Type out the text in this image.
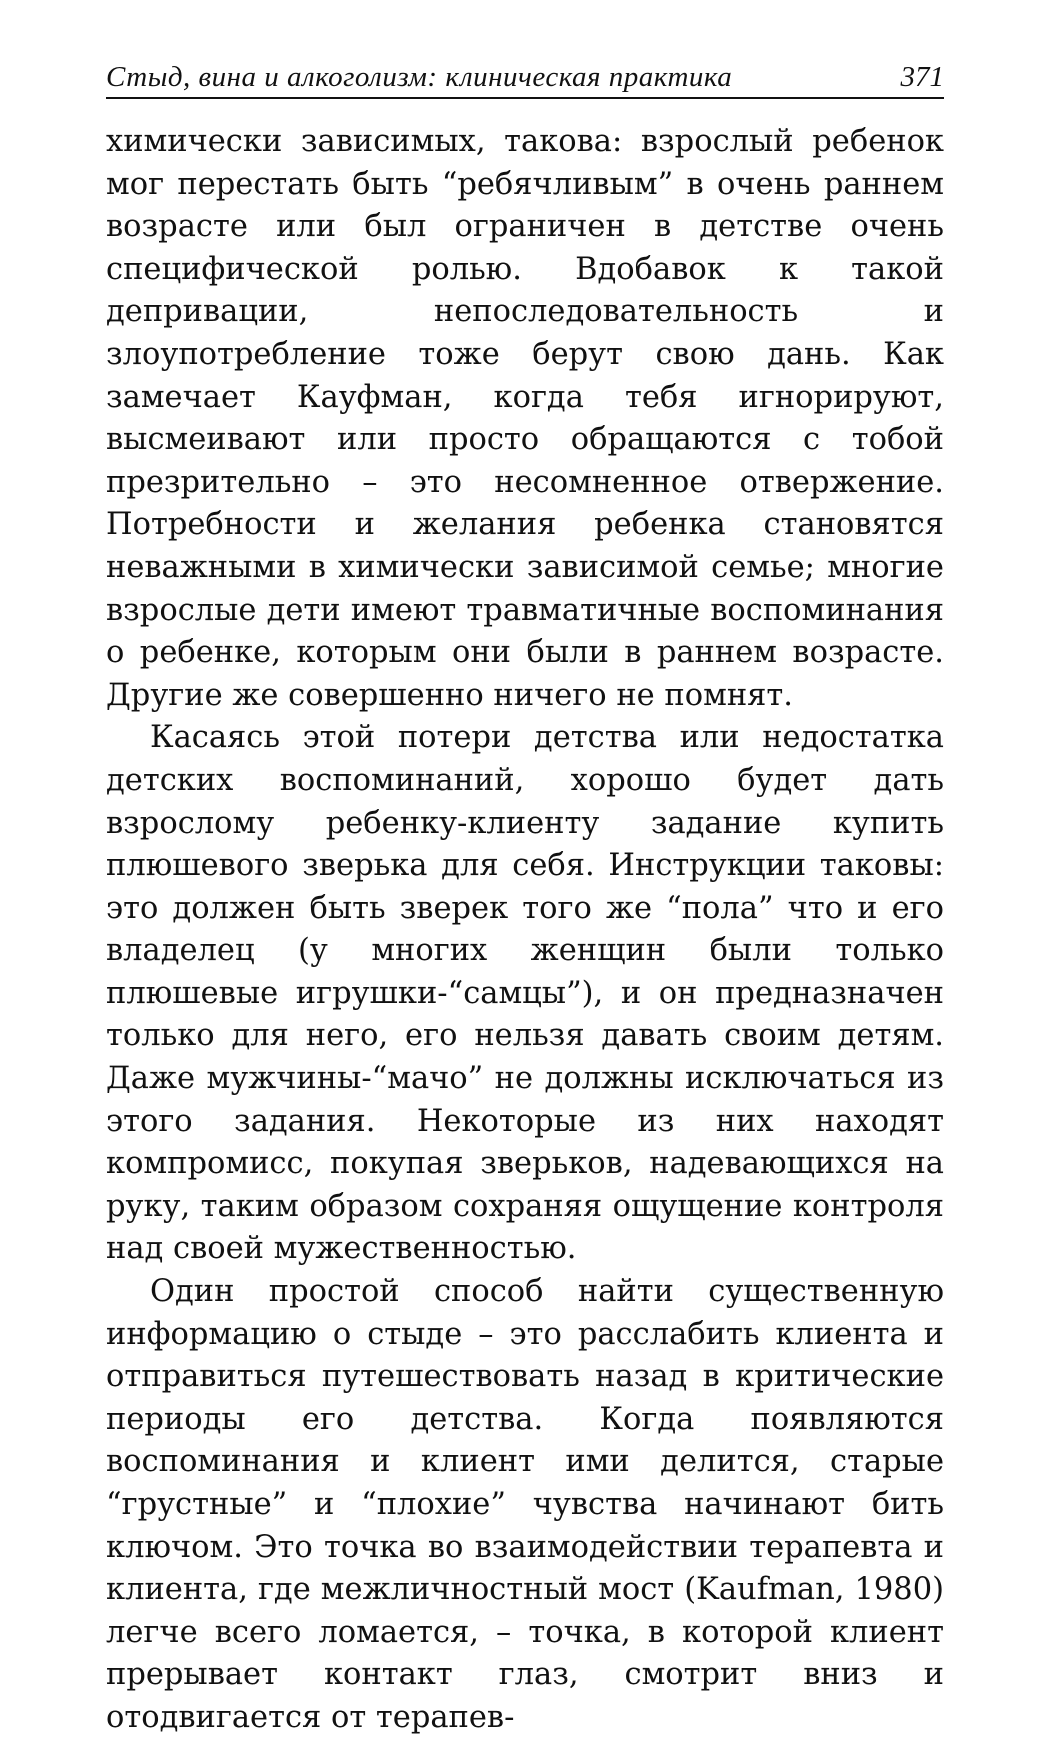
Стыд, вина и алкоголизм: клиническая практика	371

химически зависимых, такова: взрослый ребенок мог перестать быть “ребячливым” в очень раннем возрасте или был ограничен в детстве очень специфической ролью. Вдобавок к такой депривации, непоследовательность и злоупотребление тоже берут свою дань. Как замечает Кауфман, когда тебя игнорируют, высмеивают или просто обращаются с тобой презрительно – это несомненное отвержение. Потребности и желания ребенка становятся неважными в химически зависимой семье; многие взрослые дети имеют травматичные воспоминания о ребенке, которым они были в раннем возрасте. Другие же совершенно ничего не помнят.

Касаясь этой потери детства или недостатка детских воспоминаний, хорошо будет дать взрослому ребенку-клиенту задание купить плюшевого зверька для себя. Инструкции таковы: это должен быть зверек того же “пола” что и его владелец (у многих женщин были только плюшевые игрушки-“самцы”), и он предназначен только для него, его нельзя давать своим детям. Даже мужчины-“мачо” не должны исключаться из этого задания. Некоторые из них находят компромисс, покупая зверьков, надевающихся на руку, таким образом сохраняя ощущение контроля над своей мужественностью.

Один простой способ найти существенную информацию о стыде – это расслабить клиента и отправиться путешествовать назад в критические периоды его детства. Когда появляются воспоминания и клиент ими делится, старые “грустные” и “плохие” чувства начинают бить ключом. Это точка во взаимодействии терапевта и клиента, где межличностный мост (Kaufman, 1980) легче всего ломается, – точка, в которой клиент прерывает контакт глаз, смотрит вниз и отодвигается от терапев-
